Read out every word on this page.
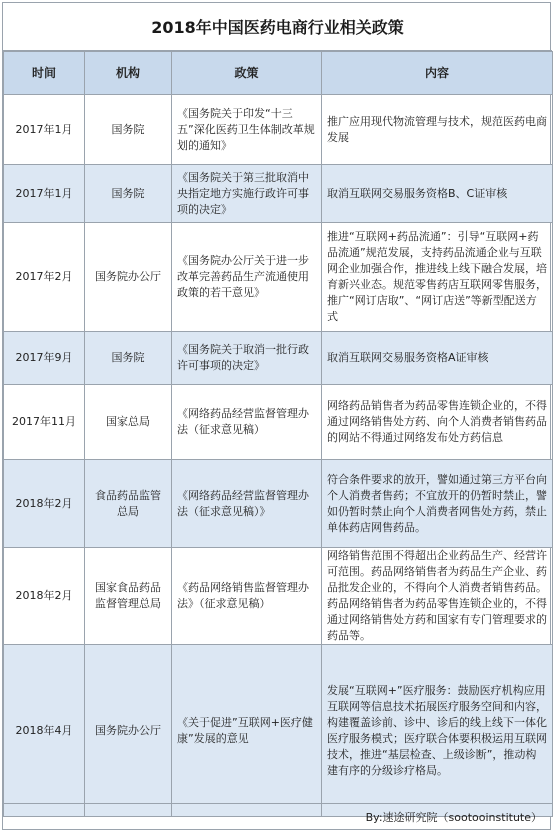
2018年中国医药电商行业相关政策
时间	机构	政策	内容
2017年1月	国务院	《国务院关于印发“十三五”深化医药卫生体制改革规划的通知》	推广应用现代物流管理与技术，规范医药电商发展
2017年1月	国务院	《国务院关于第三批取消中央指定地方实施行政许可事项的决定》	取消互联网交易服务资格B、C证审核
2017年2月	国务院办公厅	《国务院办公厅关于进一步改革完善药品生产流通使用政策的若干意见》	推进“互联网+药品流通”：引导“互联网+药品流通”规范发展，支持药品流通企业与互联网企业加强合作，推进线上线下融合发展，培育新兴业态。规范零售药店互联网零售服务，推广“网订店取”、“网订店送”等新型配送方式
2017年9月	国务院	《国务院关于取消一批行政许可事项的决定》	取消互联网交易服务资格A证审核
2017年11月	国家总局	《网络药品经营监督管理办法（征求意见稿）	网络药品销售者为药品零售连锁企业的，不得通过网络销售处方药、向个人消费者销售药品的网站不得通过网络发布处方药信息
2018年2月	食品药品监管总局	《网络药品经营监督管理办法（征求意见稿）》	符合条件要求的放开，譬如通过第三方平台向个人消费者售药；不宜放开的仍暂时禁止，譬如仍暂时禁止向个人消费者网售处方药，禁止单体药店网售药品。
2018年2月	国家食品药品监督管理总局	《药品网络销售监督管理办法》（征求意见稿）	网络销售范围不得超出企业药品生产、经营许可范围。药品网络销售者为药品生产企业、药品批发企业的，不得向个人消费者销售药品。药品网络销售者为药品零售连锁企业的，不得通过网络销售处方药和国家有专门管理要求的药品等。
2018年4月	国务院办公厅	《关于促进”互联网+医疗健康”发展的意见	发展“互联网+”医疗服务：鼓励医疗机构应用互联网等信息技术拓展医疗服务空间和内容，构建覆盖诊前、诊中、诊后的线上线下一体化医疗服务模式；医疗联合体要积极运用互联网技术，推进“基层检查、上级诊断”，推动构建有序的分级诊疗格局。
By:速途研究院（sootooinstitute）
